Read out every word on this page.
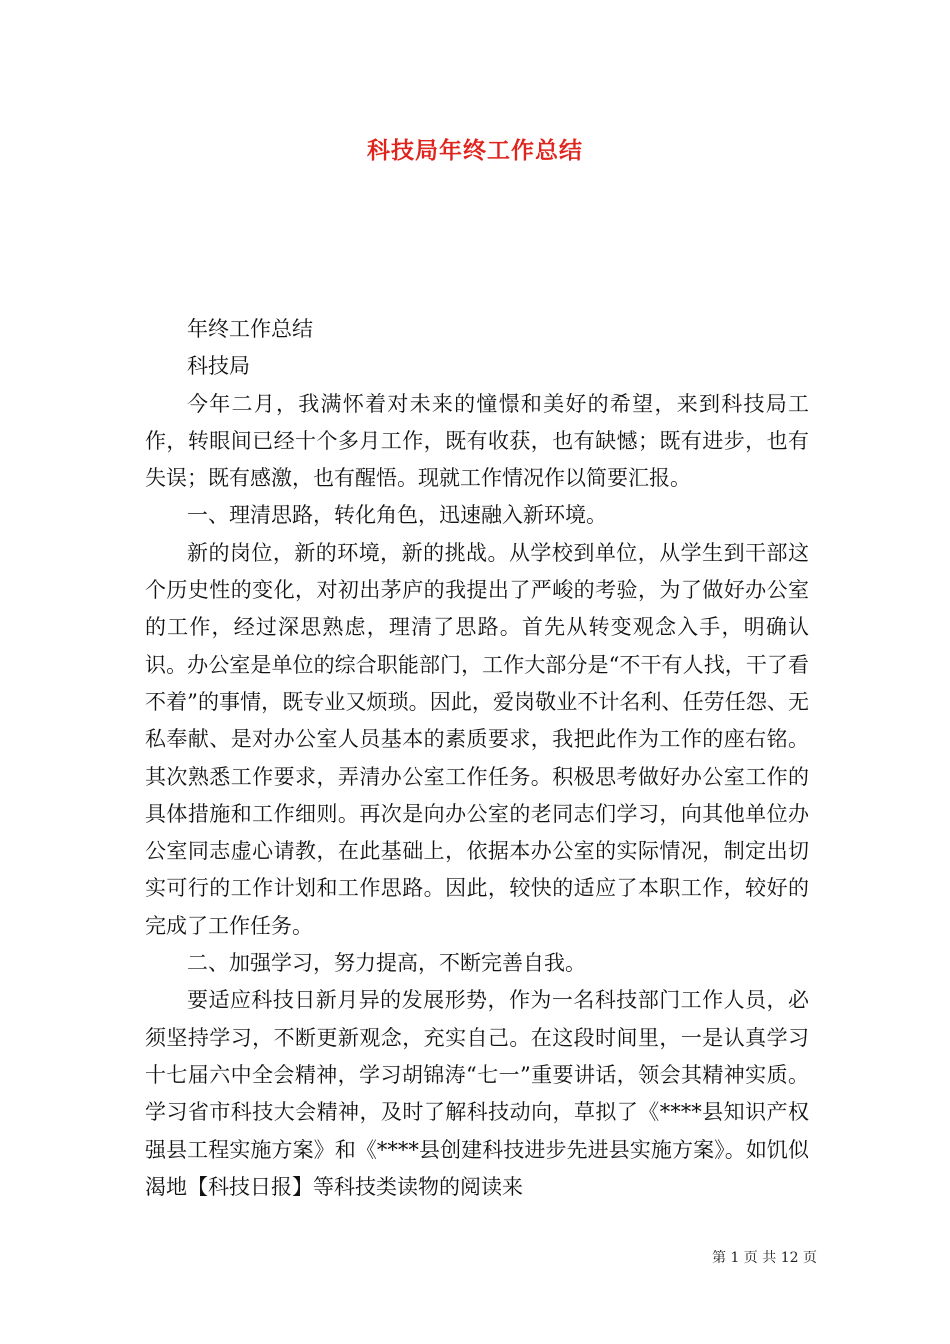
科技局年终工作总结

年终工作总结

科技局

今年二月，我满怀着对未来的憧憬和美好的希望，来到科技局工作，转眼间已经十个多月工作，既有收获，也有缺憾；既有进步，也有失误；既有感激，也有醒悟。现就工作情况作以简要汇报。

一、理清思路，转化角色，迅速融入新环境。

新的岗位，新的环境，新的挑战。从学校到单位，从学生到干部这个历史性的变化，对初出茅庐的我提出了严峻的考验，为了做好办公室的工作，经过深思熟虑，理清了思路。首先从转变观念入手，明确认识。办公室是单位的综合职能部门，工作大部分是“不干有人找，干了看不着”的事情，既专业又烦琐。因此，爱岗敬业不计名利、任劳任怨、无私奉献、是对办公室人员基本的素质要求，我把此作为工作的座右铭。其次熟悉工作要求，弄清办公室工作任务。积极思考做好办公室工作的具体措施和工作细则。再次是向办公室的老同志们学习，向其他单位办公室同志虚心请教，在此基础上，依据本办公室的实际情况，制定出切实可行的工作计划和工作思路。因此，较快的适应了本职工作，较好的完成了工作任务。

二、加强学习，努力提高，不断完善自我。

要适应科技日新月异的发展形势，作为一名科技部门工作人员，必须坚持学习，不断更新观念，充实自己。在这段时间里，一是认真学习十七届六中全会精神，学习胡锦涛“七一”重要讲话，领会其精神实质。学习省市科技大会精神，及时了解科技动向，草拟了《****县知识产权强县工程实施方案》和《****县创建科技进步先进县实施方案》。如饥似渴地【科技日报】等科技类读物的阅读来

第 1 页 共 12 页
